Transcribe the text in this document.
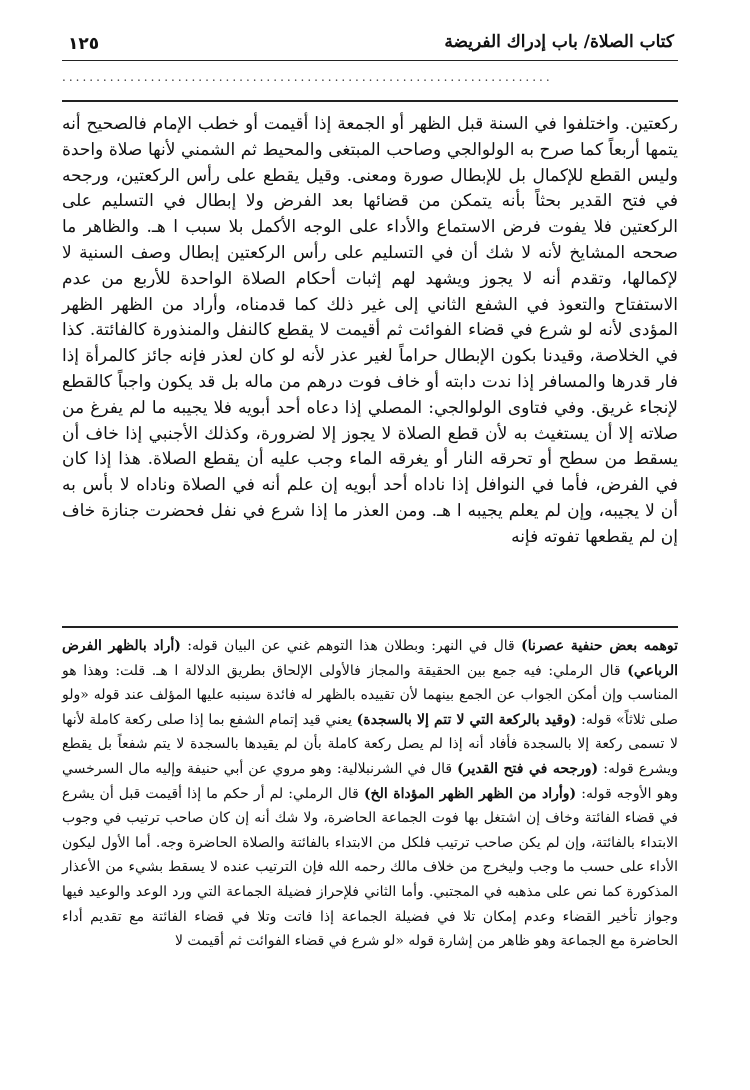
١٢٥	كتاب الصلاة/ باب إدراك الفريضة
........................................................................
ركعتين. واختلفوا في السنة قبل الظهر أو الجمعة إذا أقيمت أو خطب الإمام فالصحيح أنه يتمها أربعاً كما صرح به الولوالجي وصاحب المبتغى والمحيط ثم الشمني لأنها صلاة واحدة وليس القطع للإكمال بل للإبطال صورة ومعنى. وقيل يقطع على رأس الركعتين، ورجحه في فتح القدير بحثاً بأنه يتمكن من قضائها بعد الفرض ولا إبطال في التسليم على الركعتين فلا يفوت فرض الاستماع والأداء على الوجه الأكمل بلا سبب ا هـ. والظاهر ما صححه المشايخ لأنه لا شك أن في التسليم على رأس الركعتين إبطال وصف السنية لا لإكمالها، وتقدم أنه لا يجوز ويشهد لهم إثبات أحكام الصلاة الواحدة للأربع من عدم الاستفتاح والتعوذ في الشفع الثاني إلى غير ذلك كما قدمناه، وأراد من الظهر الظهر المؤدى لأنه لو شرع في قضاء الفوائت ثم أقيمت لا يقطع كالنفل والمنذورة كالفائتة. كذا في الخلاصة، وقيدنا بكون الإبطال حراماً لغير عذر لأنه لو كان لعذر فإنه جائز كالمرأة إذا فار قدرها والمسافر إذا ندت دابته أو خاف فوت درهم من ماله بل قد يكون واجباً كالقطع لإنجاء غريق. وفي فتاوى الولوالجي: المصلي إذا دعاه أحد أبويه فلا يجيبه ما لم يفرغ من صلاته إلا أن يستغيث به لأن قطع الصلاة لا يجوز إلا لضرورة، وكذلك الأجنبي إذا خاف أن يسقط من سطح أو تحرقه النار أو يغرقه الماء وجب عليه أن يقطع الصلاة. هذا إذا كان في الفرض، فأما في النوافل إذا ناداه أحد أبويه إن علم أنه في الصلاة وناداه لا بأس به أن لا يجيبه، وإن لم يعلم يجيبه ا هـ. ومن العذر ما إذا شرع في نفل فحضرت جنازة خاف إن لم يقطعها تفوته فإنه
توهمه بعض حنفية عصرنا) قال في النهر: وبطلان هذا التوهم غني عن البيان قوله: (أراد بالظهر الفرض الرباعي) قال الرملي: فيه جمع بين الحقيقة والمجاز فالأولى الإلحاق بطريق الدلالة ا هـ. قلت: وهذا هو المناسب وإن أمكن الجواب عن الجمع بينهما لأن تقييده بالظهر له فائدة سينبه عليها المؤلف عند قوله «ولو صلى ثلاثاً» قوله: (وقيد بالركعة التي لا تتم إلا بالسجدة) يعني قيد إتمام الشفع بما إذا صلى ركعة كاملة لأنها لا تسمى ركعة إلا بالسجدة فأفاد أنه إذا لم يصل ركعة كاملة بأن لم يقيدها بالسجدة لا يتم شفعاً بل يقطع ويشرع قوله: (ورجحه في فتح القدير) قال في الشرنبلالية: وهو مروي عن أبي حنيفة وإليه مال السرخسي وهو الأوجه قوله: (وأراد من الظهر الظهر المؤداة الخ) قال الرملي: لم أر حكم ما إذا أقيمت قبل أن يشرع في قضاء الفائتة وخاف إن اشتغل بها فوت الجماعة الحاضرة، ولا شك أنه إن كان صاحب ترتيب في وجوب الابتداء بالفائتة، وإن لم يكن صاحب ترتيب فلكل من الابتداء بالفائتة والصلاة الحاضرة وجه. أما الأول ليكون الأداء على حسب ما وجب وليخرج من خلاف مالك رحمه الله فإن الترتيب عنده لا يسقط بشيء من الأعذار المذكورة كما نص على مذهبه في المجتبي. وأما الثاني فلإحراز فضيلة الجماعة التي ورد الوعد والوعيد فيها وجواز تأخير القضاء وعدم إمكان تلا في فضيلة الجماعة إذا فاتت وتلا في قضاء الفائتة مع تقديم أداء الحاضرة مع الجماعة وهو ظاهر من إشارة قوله «لو شرع في قضاء الفوائت ثم أقيمت لا
